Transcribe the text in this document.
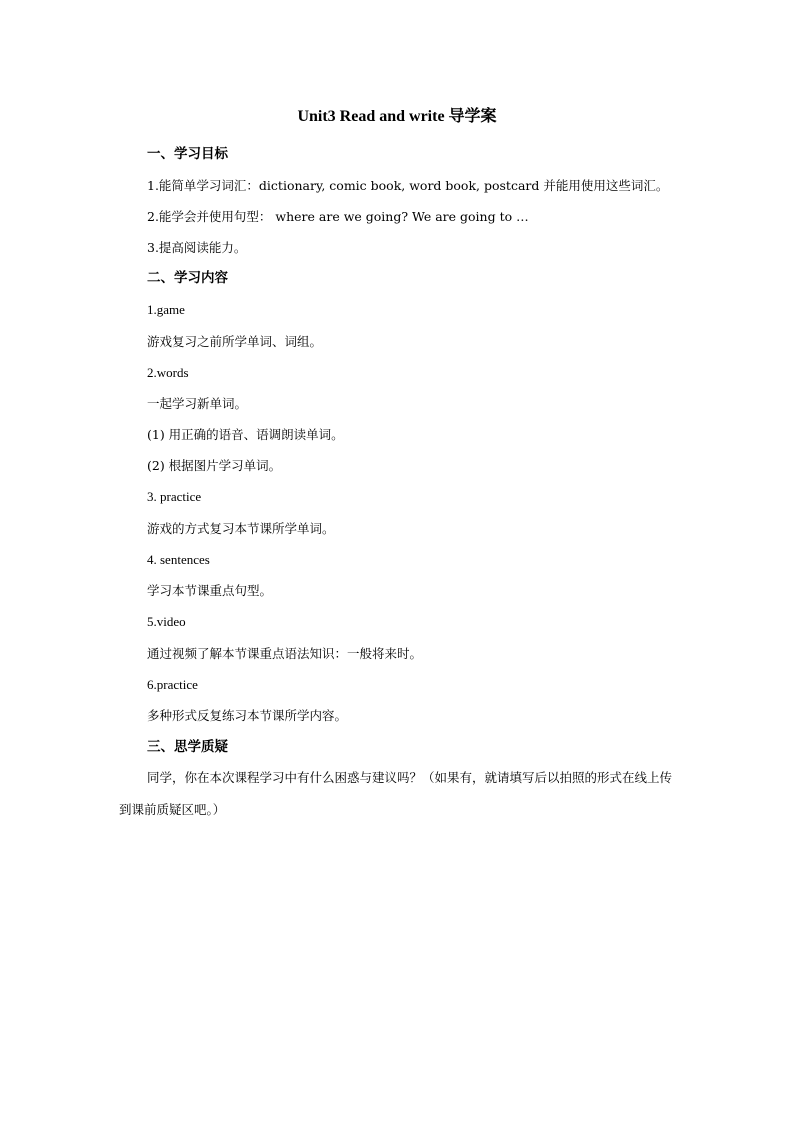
Unit3 Read and write 导学案
一、学习目标
1.能简单学习词汇：dictionary, comic book, word book, postcard 并能用使用这些词汇。
2.能学会并使用句型： where are we going? We are going to …
3.提高阅读能力。
二、学习内容
1.game
游戏复习之前所学单词、词组。
2.words
一起学习新单词。
(1) 用正确的语音、语调朗读单词。
(2) 根据图片学习单词。
3. practice
游戏的方式复习本节课所学单词。
4. sentences
学习本节课重点句型。
5.video
通过视频了解本节课重点语法知识：一般将来时。
6.practice
多种形式反复练习本节课所学内容。
三、思学质疑
同学，你在本次课程学习中有什么困惑与建议吗？（如果有，就请填写后以拍照的形式在线上传到课前质疑区吧。）
